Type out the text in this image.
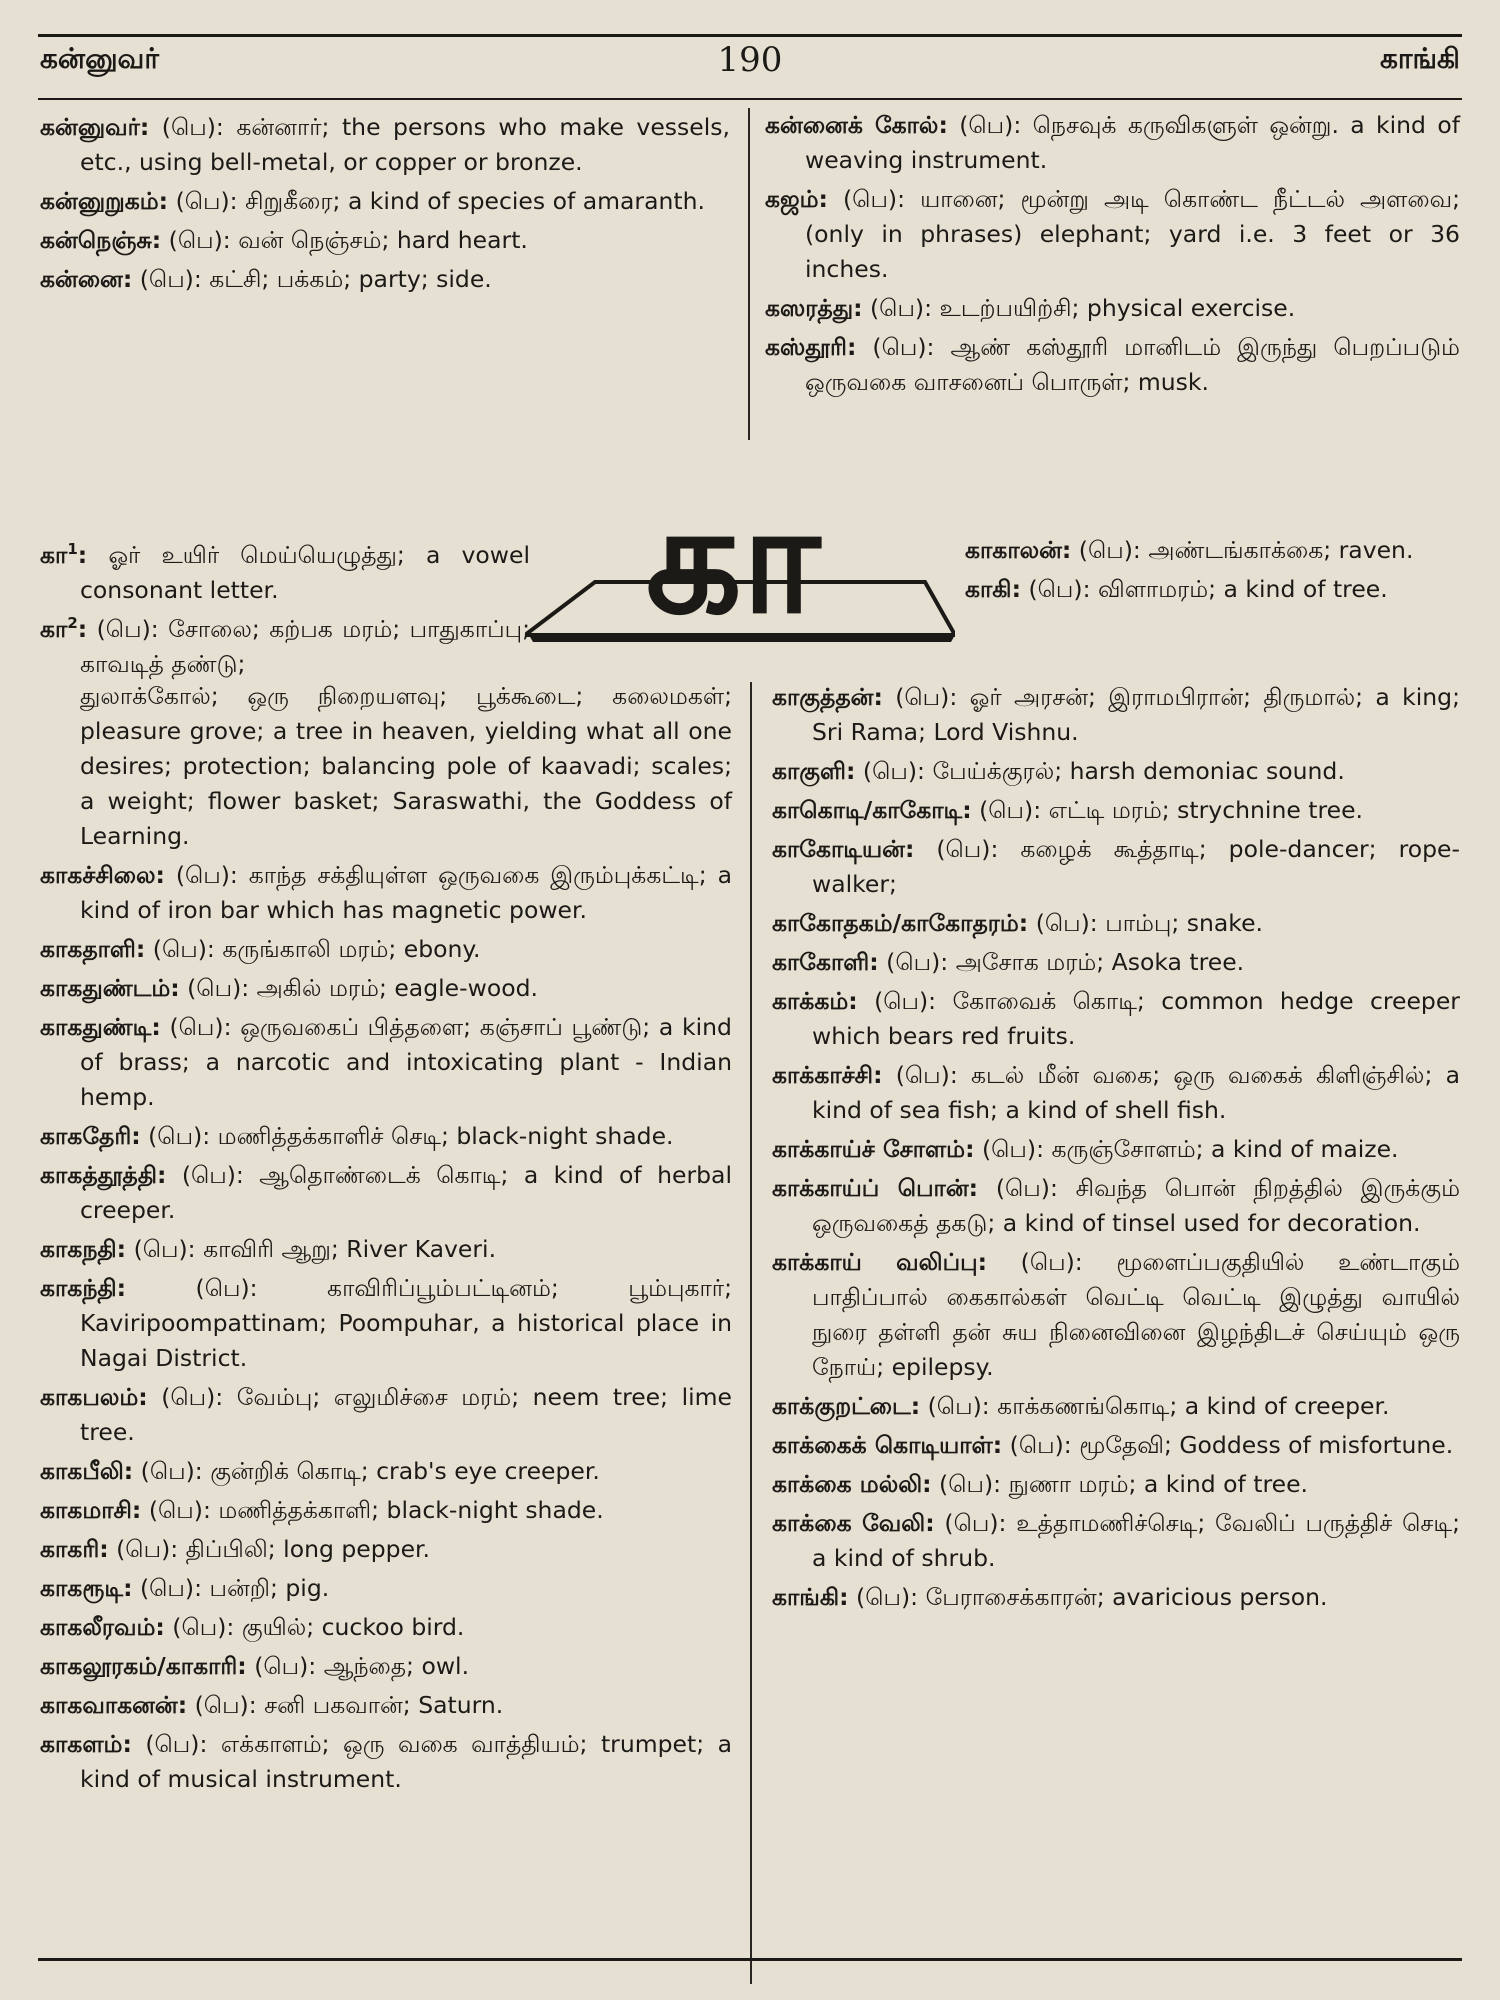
கன்னுவர்	190	காங்கி

கன்னுவர்: (பெ): கன்னார்; the persons who make vessels, etc., using bell-metal, or copper or bronze.

கன்னுறுகம்: (பெ): சிறுகீரை; a kind of species of amaranth.

கன்நெஞ்சு: (பெ): வன் நெஞ்சம்; hard heart.

கன்னை: (பெ): கட்சி; பக்கம்; party; side.

கன்னைக் கோல்: (பெ): நெசவுக் கருவிகளுள் ஒன்று. a kind of weaving instrument.

கஜம்: (பெ): யானை; மூன்று அடி கொண்ட நீட்டல் அளவை; (only in phrases) elephant; yard i.e. 3 feet or 36 inches.

கஸரத்து: (பெ): உடற்பயிற்சி; physical exercise.

கஸ்தூரி: (பெ): ஆண் கஸ்தூரி மானிடம் இருந்து பெறப்படும் ஒருவகை வாசனைப் பொருள்; musk.

கா

கா$^1$: ஓர் உயிர் மெய்யெழுத்து; a vowel consonant letter.

கா$^2$: (பெ): சோலை; கற்பக மரம்; பாதுகாப்பு; காவடித் தண்டு;

துலாக்கோல்; ஒரு நிறையளவு; பூக்கூடை; கலைமகள்; pleasure grove; a tree in heaven, yielding what all one desires; protection; balancing pole of kaavadi; scales; a weight; flower basket; Saraswathi, the Goddess of Learning.

காகச்சிலை: (பெ): காந்த சக்தியுள்ள ஒருவகை இரும்புக்கட்டி; a kind of iron bar which has magnetic power.

காகதாளி: (பெ): கருங்காலி மரம்; ebony.

காகதுண்டம்: (பெ): அகில் மரம்; eagle-wood.

காகதுண்டி: (பெ): ஒருவகைப் பித்தளை; கஞ்சாப் பூண்டு; a kind of brass; a narcotic and intoxicating plant - Indian hemp.

காகதேரி: (பெ): மணித்தக்காளிச் செடி; black-night shade.

காகத்தூத்தி: (பெ): ஆதொண்டைக் கொடி; a kind of herbal creeper.

காகநதி: (பெ): காவிரி ஆறு; River Kaveri.

காகந்தி:	(பெ):	காவிரிப்பூம்பட்டினம்; பூம்புகார்; Kaviripoompattinam; Poompuhar, a historical place in Nagai District.

காகபலம்: (பெ): வேம்பு; எலுமிச்சை மரம்; neem tree; lime tree.

காகபீலி: (பெ): குன்றிக் கொடி; crab's eye creeper.

காகமாசி: (பெ): மணித்தக்காளி; black-night shade.

காகரி: (பெ): திப்பிலி; long pepper.

காகரூடி: (பெ): பன்றி; pig.

காகலீரவம்: (பெ): குயில்; cuckoo bird.

காகலூரகம்/காகாரி: (பெ): ஆந்தை; owl.

காகவாகனன்: (பெ): சனி பகவான்; Saturn.

காகளம்: (பெ): எக்காளம்; ஒரு வகை வாத்தியம்; trumpet; a kind of musical instrument.

காகாலன்: (பெ): அண்டங்காக்கை; raven.

காகி: (பெ): விளாமரம்; a kind of tree.

காகுத்தன்: (பெ): ஓர் அரசன்; இராமபிரான்; திருமால்; a king; Sri Rama; Lord Vishnu.

காகுளி: (பெ): பேய்க்குரல்; harsh demoniac sound.

காகொடி/காகோடி: (பெ): எட்டி மரம்; strychnine tree.

காகோடியன்: (பெ): கழைக் கூத்தாடி; pole-dancer; rope-walker;

காகோதகம்/காகோதரம்: (பெ): பாம்பு; snake.

காகோளி: (பெ): அசோக மரம்; Asoka tree.

காக்கம்: (பெ): கோவைக் கொடி; common hedge creeper which bears red fruits.

காக்காச்சி: (பெ): கடல் மீன் வகை; ஒரு வகைக் கிளிஞ்சில்; a kind of sea fish; a kind of shell fish.

காக்காய்ச் சோளம்: (பெ): கருஞ்சோளம்; a kind of maize.

காக்காய்ப் பொன்: (பெ): சிவந்த பொன் நிறத்தில் இருக்கும் ஒருவகைத் தகடு; a kind of tinsel used for decoration.

காக்காய் வலிப்பு: (பெ): மூளைப்பகுதியில் உண்டாகும் பாதிப்பால் கைகால்கள் வெட்டி வெட்டி இழுத்து வாயில் நுரை தள்ளி தன் சுய நினைவினை இழந்திடச் செய்யும் ஒரு நோய்; epilepsy.

காக்குறட்டை: (பெ): காக்கணங்கொடி; a kind of creeper.

காக்கைக் கொடியாள்: (பெ): மூதேவி; Goddess of misfortune.

காக்கை மல்லி: (பெ): நுணா மரம்; a kind of tree.

காக்கை வேலி: (பெ): உத்தாமணிச்செடி; வேலிப் பருத்திச் செடி; a kind of shrub.

காங்கி: (பெ): பேராசைக்காரன்; avaricious person.
